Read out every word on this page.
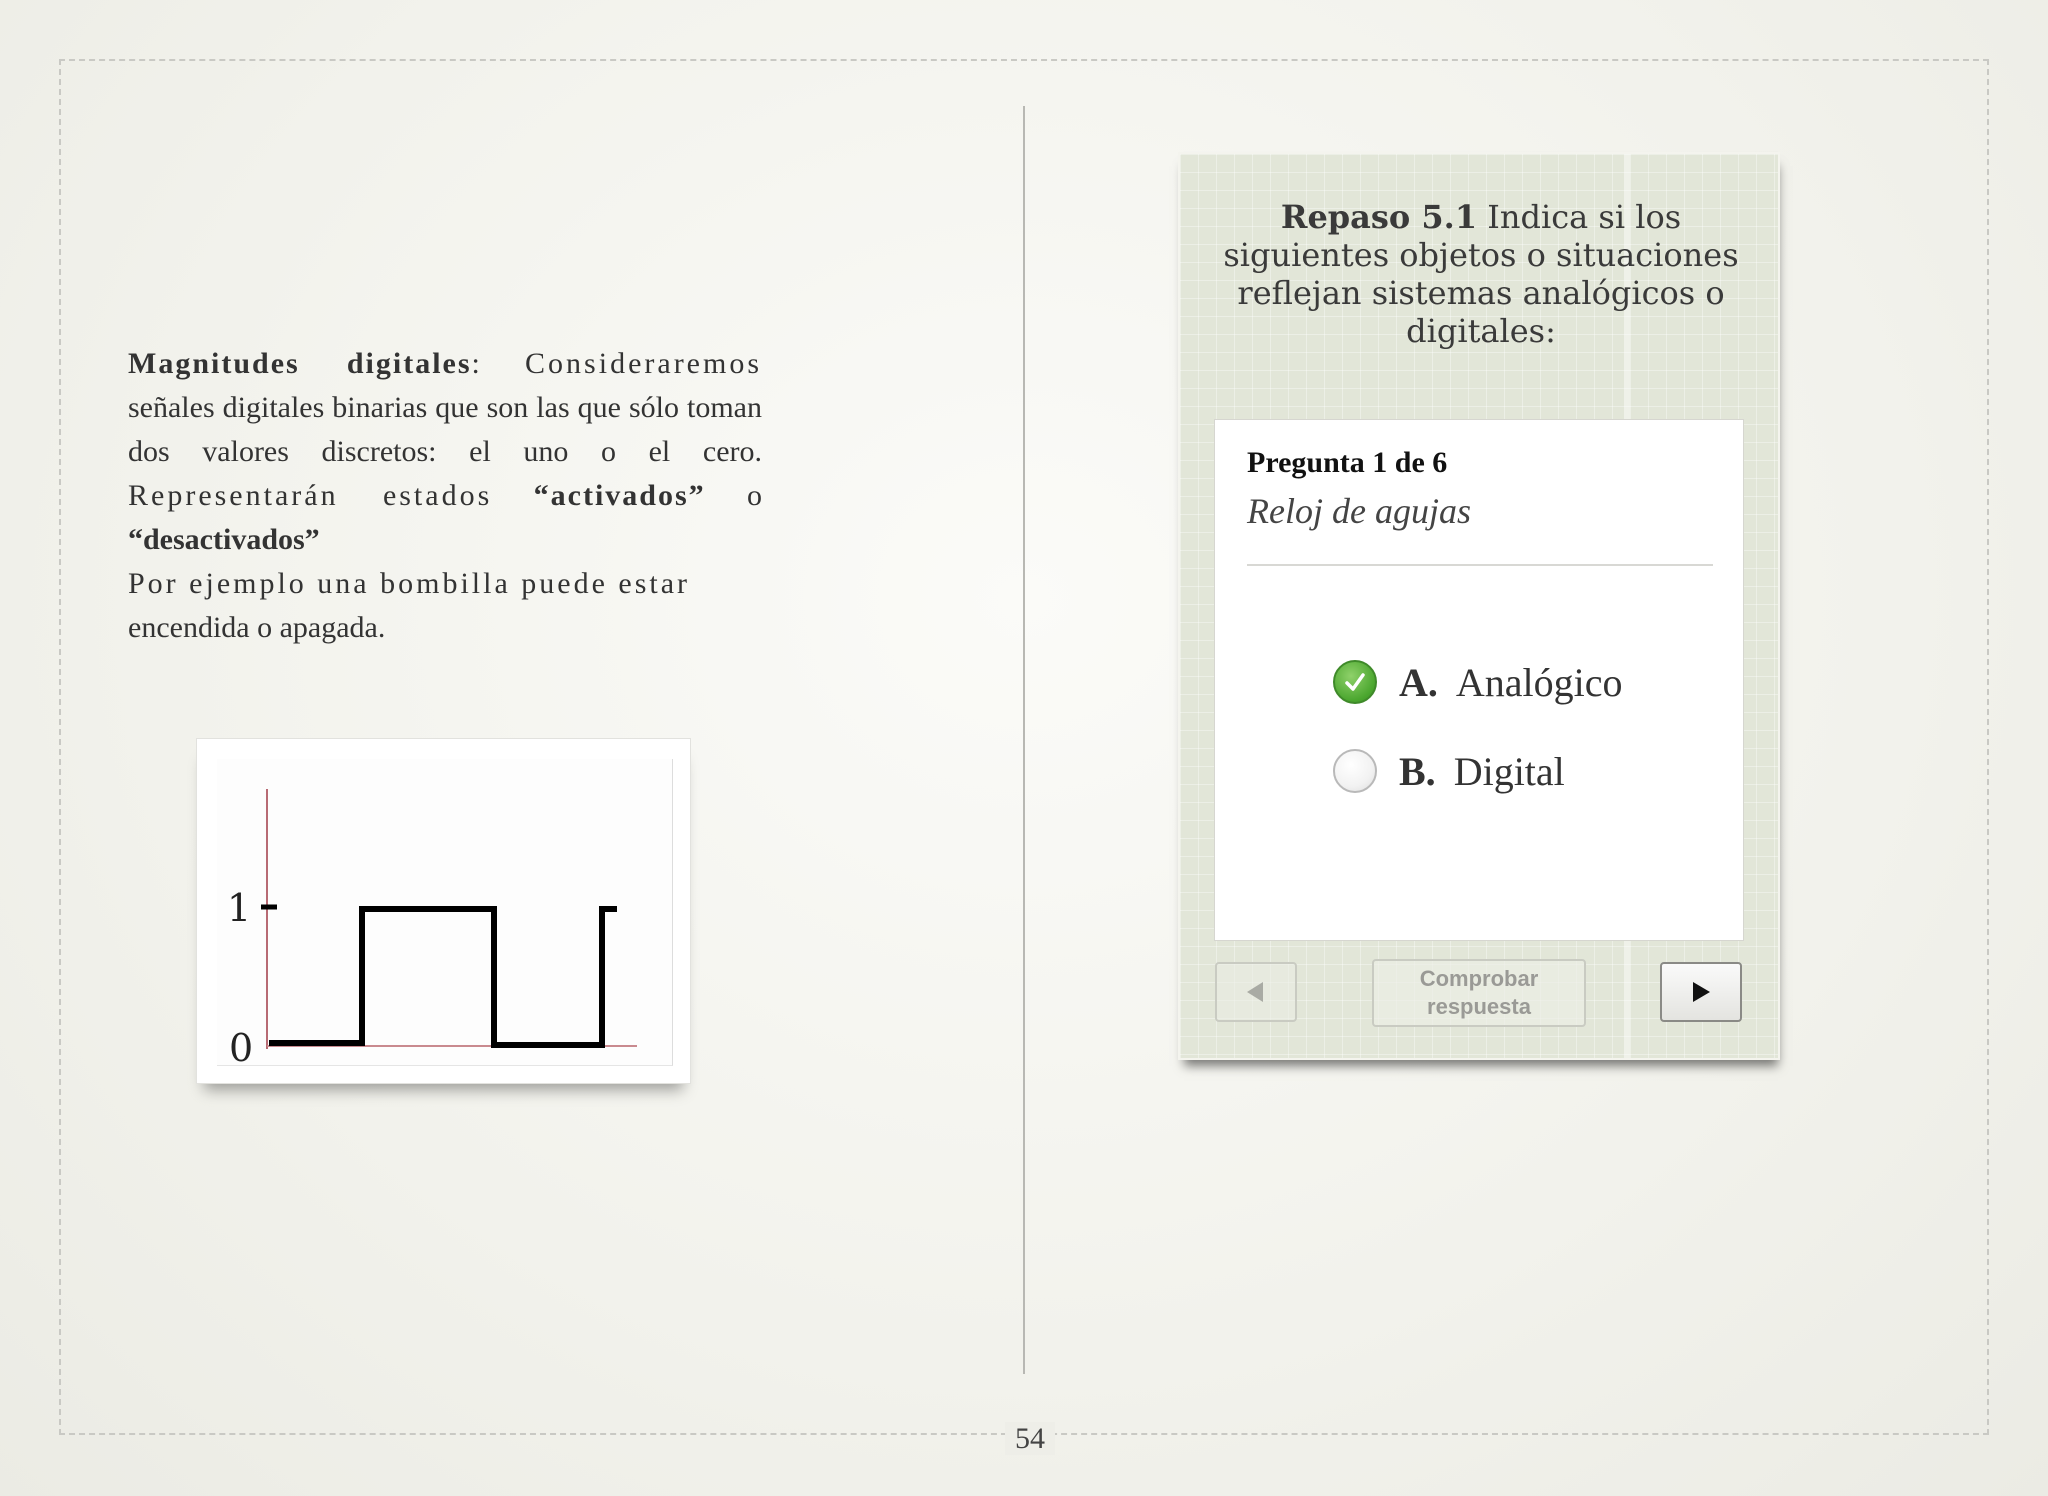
Magnitudes digitales: Consideraremos señales digitales binarias que son las que sólo toman dos valores discretos: el uno o el cero. Representarán estados “activados” o “desactivados”

Por ejemplo una bombilla puede estar

encendida o apagada.

1
0
Repaso 5.1 Indica si los siguientes objetos o situaciones reflejan sistemas analógicos o digitales:
Pregunta 1 de 6
Reloj de agujas
A. Analógico
B. Digital
Comprobar
respuesta
54
